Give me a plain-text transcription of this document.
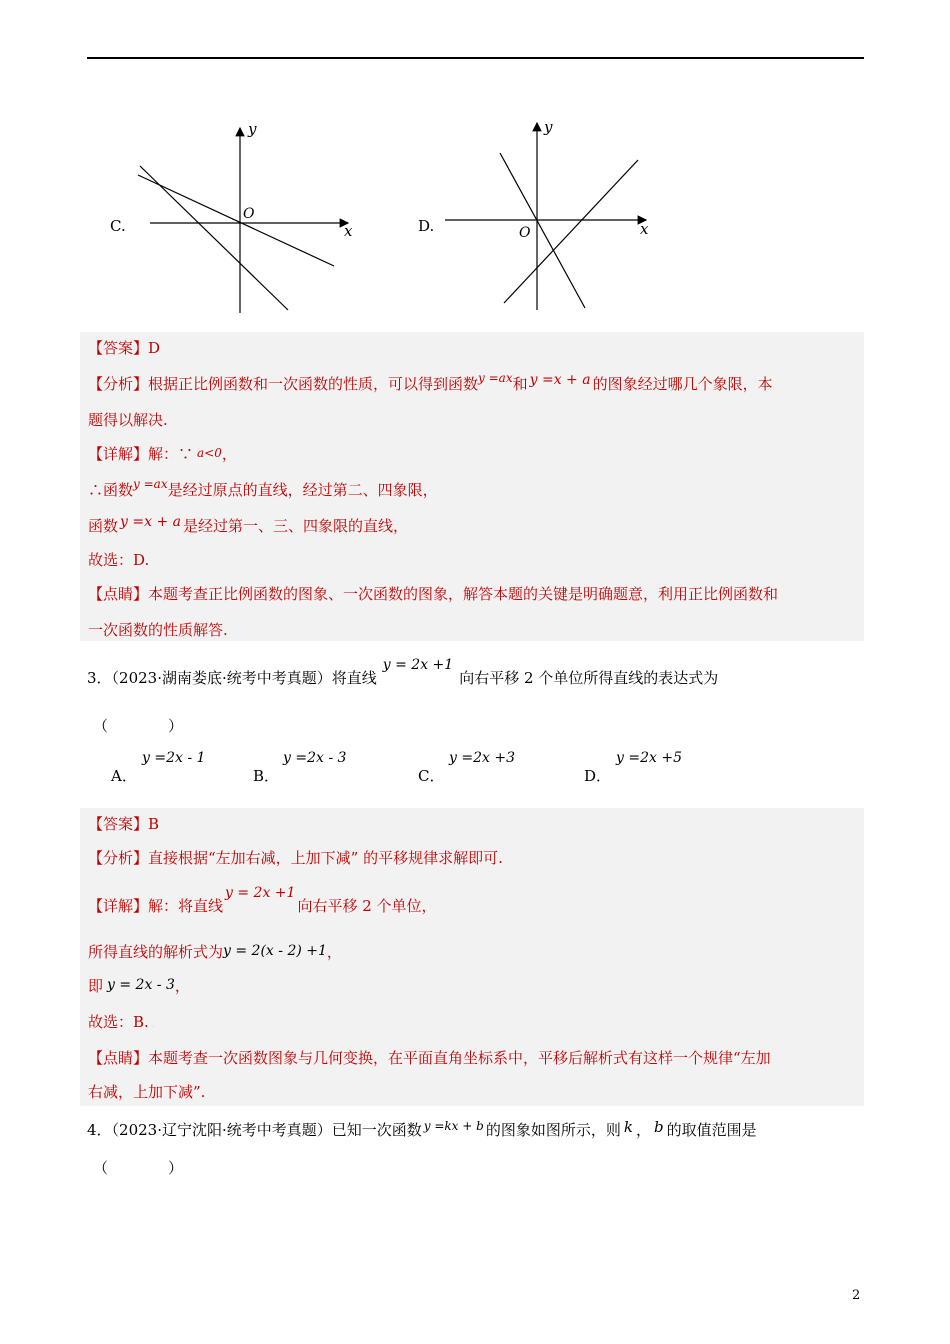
C.
y
x
O
D.
y
x
O
【答案】D
【分析】根据正比例函数和一次函数的性质，可以得到函数$^{y =ax}$和 y =x + a 的图象经过哪几个象限，本
题得以解决.
【详解】解：∵ a<0，
∴函数$^{y =ax}$是经过原点的直线，经过第二、四象限，
函数 y =x + a 是经过第一、三、四象限的直线，
故选：D.
【点睛】本题考查正比例函数的图象、一次函数的图象，解答本题的关键是明确题意，利用正比例函数和
一次函数的性质解答.
3．（2023·湖南娄底·统考中考真题）将直线y = 2x +1向右平移 2 个单位所得直线的表达式为
（　　　　）
A．
y =2x - 1
B．
y =2x - 3
C．
y =2x +3
D．
y =2x +5
【答案】B
【分析】直接根据“左加右减，上加下减” 的平移规律求解即可.
【详解】解：将直线y = 2x +1向右平移 2 个单位，
所得直线的解析式为y = 2(x - 2) +1，
即 y = 2x - 3，
故选：B.
【点睛】本题考查一次函数图象与几何变换，在平面直角坐标系中，平移后解析式有这样一个规律“左加
右减，上加下减”.
4．（2023·辽宁沈阳·统考中考真题）已知一次函数 $^{y =kx + b}$ 的图象如图所示，则 k ， b 的取值范围是
（　　　　）
2
